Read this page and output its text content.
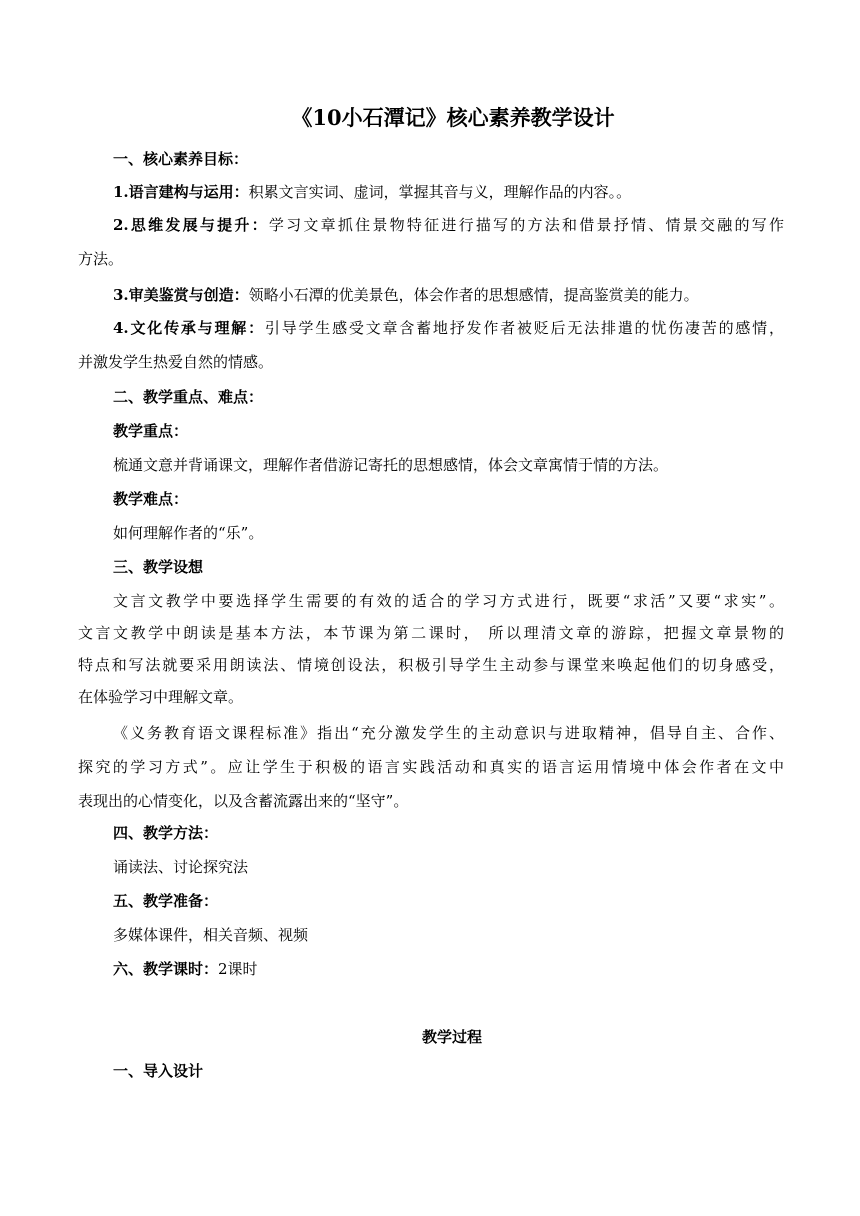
《10小石潭记》核心素养教学设计
一、核心素养目标：
1.语言建构与运用：积累文言实词、虚词，掌握其音与义，理解作品的内容。。
2.思维发展与提升：学习文章抓住景物特征进行描写的方法和借景抒情、情景交融的写作
方法。
3.审美鉴赏与创造：领略小石潭的优美景色，体会作者的思想感情，提高鉴赏美的能力。
4.文化传承与理解：引导学生感受文章含蓄地抒发作者被贬后无法排遣的忧伤凄苦的感情，
并激发学生热爱自然的情感。
二、教学重点、难点：
教学重点：
梳通文意并背诵课文，理解作者借游记寄托的思想感情，体会文章寓情于情的方法。
教学难点：
如何理解作者的“乐”。
三、教学设想
文言文教学中要选择学生需要的有效的适合的学习方式进行，既要“求活”又要“求实”。
文言文教学中朗读是基本方法，本节课为第二课时， 所以理清文章的游踪，把握文章景物的
特点和写法就要采用朗读法、情境创设法，积极引导学生主动参与课堂来唤起他们的切身感受，
在体验学习中理解文章。
《义务教育语文课程标准》指出“充分激发学生的主动意识与进取精神，倡导自主、合作、
探究的学习方式”。应让学生于积极的语言实践活动和真实的语言运用情境中体会作者在文中
表现出的心情变化，以及含蓄流露出来的“坚守”。
四、教学方法：
诵读法、讨论探究法
五、教学准备：
多媒体课件，相关音频、视频
六、教学课时：2课时
教学过程
一、导入设计
